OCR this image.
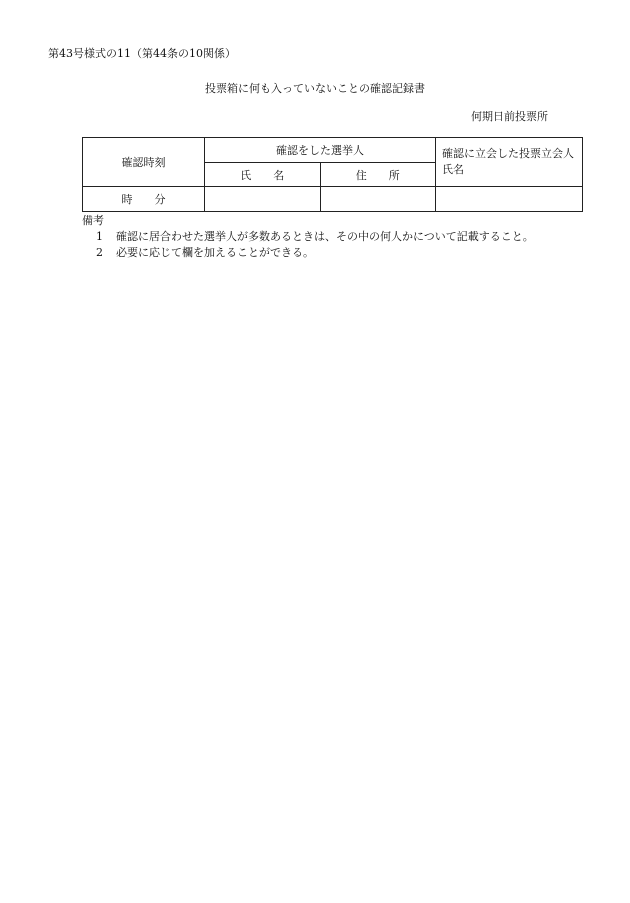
第43号様式の11（第44条の10関係）
投票箱に何も入っていないことの確認記録書
何期日前投票所
確認時刻	確認をした選挙人		確認に立会した投票立会人氏名
	氏　　名	住　　所	
時　　分			
備考
1 確認に居合わせた選挙人が多数あるときは、その中の何人かについて記載すること。
2 必要に応じて欄を加えることができる。
